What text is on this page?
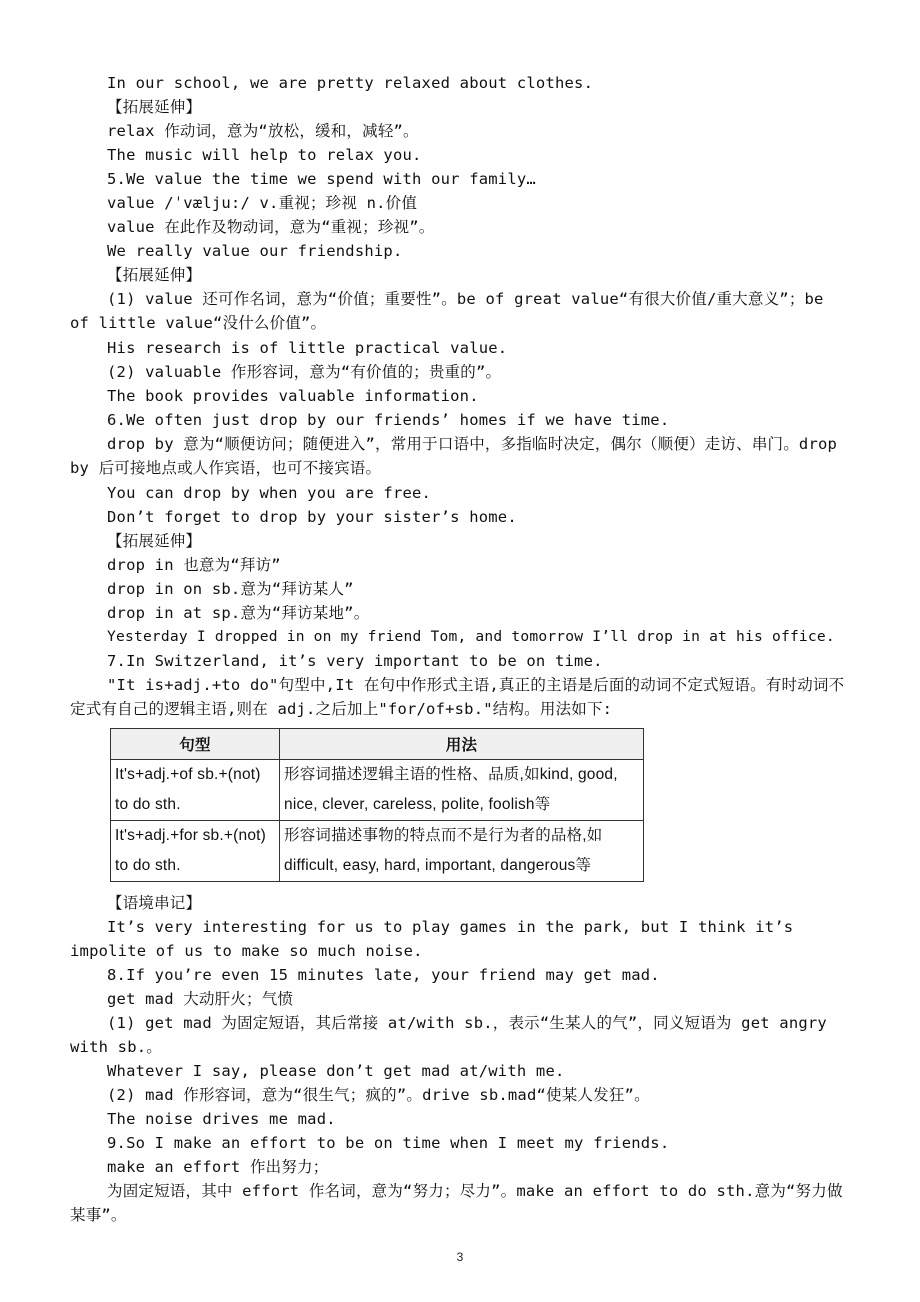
In our school, we are pretty relaxed about clothes.
【拓展延伸】
relax 作动词，意为“放松，缓和，减轻”。
The music will help to relax you.
5.We value the time we spend with our family…
value /ˈvælju:/ v.重视；珍视 n.价值
value 在此作及物动词，意为“重视；珍视”。
We really value our friendship.
【拓展延伸】
(1) value 还可作名词，意为“价值；重要性”。be of great value“有很大价值/重大意义”；be of little value“没什么价值”。
His research is of little practical value.
(2) valuable 作形容词，意为“有价值的；贵重的”。
The book provides valuable information.
6.We often just drop by our friends’ homes if we have time.
drop by 意为“顺便访问；随便进入”，常用于口语中，多指临时决定，偶尔（顺便）走访、串门。drop by 后可接地点或人作宾语，也可不接宾语。
You can drop by when you are free.
Don’t forget to drop by your sister’s home.
【拓展延伸】
drop in 也意为“拜访”
drop in on sb.意为“拜访某人”
drop in at sp.意为“拜访某地”。
Yesterday I dropped in on my friend Tom, and tomorrow I’ll drop in at his office.
7.In Switzerland, it’s very important to be on time.
"It is+adj.+to do"句型中,It 在句中作形式主语,真正的主语是后面的动词不定式短语。有时动词不定式有自己的逻辑主语,则在 adj.之后加上"for/of+sb."结构。用法如下:
句型	用法
It's+adj.+of sb.+(not) to do sth.	形容词描述逻辑主语的性格、品质,如kind, good, nice, clever, careless, polite, foolish等
It's+adj.+for sb.+(not) to do sth.	形容词描述事物的特点而不是行为者的品格,如difficult, easy, hard, important, dangerous等
【语境串记】
It’s very interesting for us to play games in the park, but I think it’s impolite of us to make so much noise.
8.If you’re even 15 minutes late, your friend may get mad.
get mad 大动肝火；气愤
(1) get mad 为固定短语，其后常接 at/with sb.，表示“生某人的气”，同义短语为 get angry with sb.。
Whatever I say, please don’t get mad at/with me.
(2) mad 作形容词，意为“很生气；疯的”。drive sb.mad“使某人发狂”。
The noise drives me mad.
9.So I make an effort to be on time when I meet my friends.
make an effort 作出努力；
为固定短语，其中 effort 作名词，意为“努力；尽力”。make an effort to do sth.意为“努力做某事”。
3
